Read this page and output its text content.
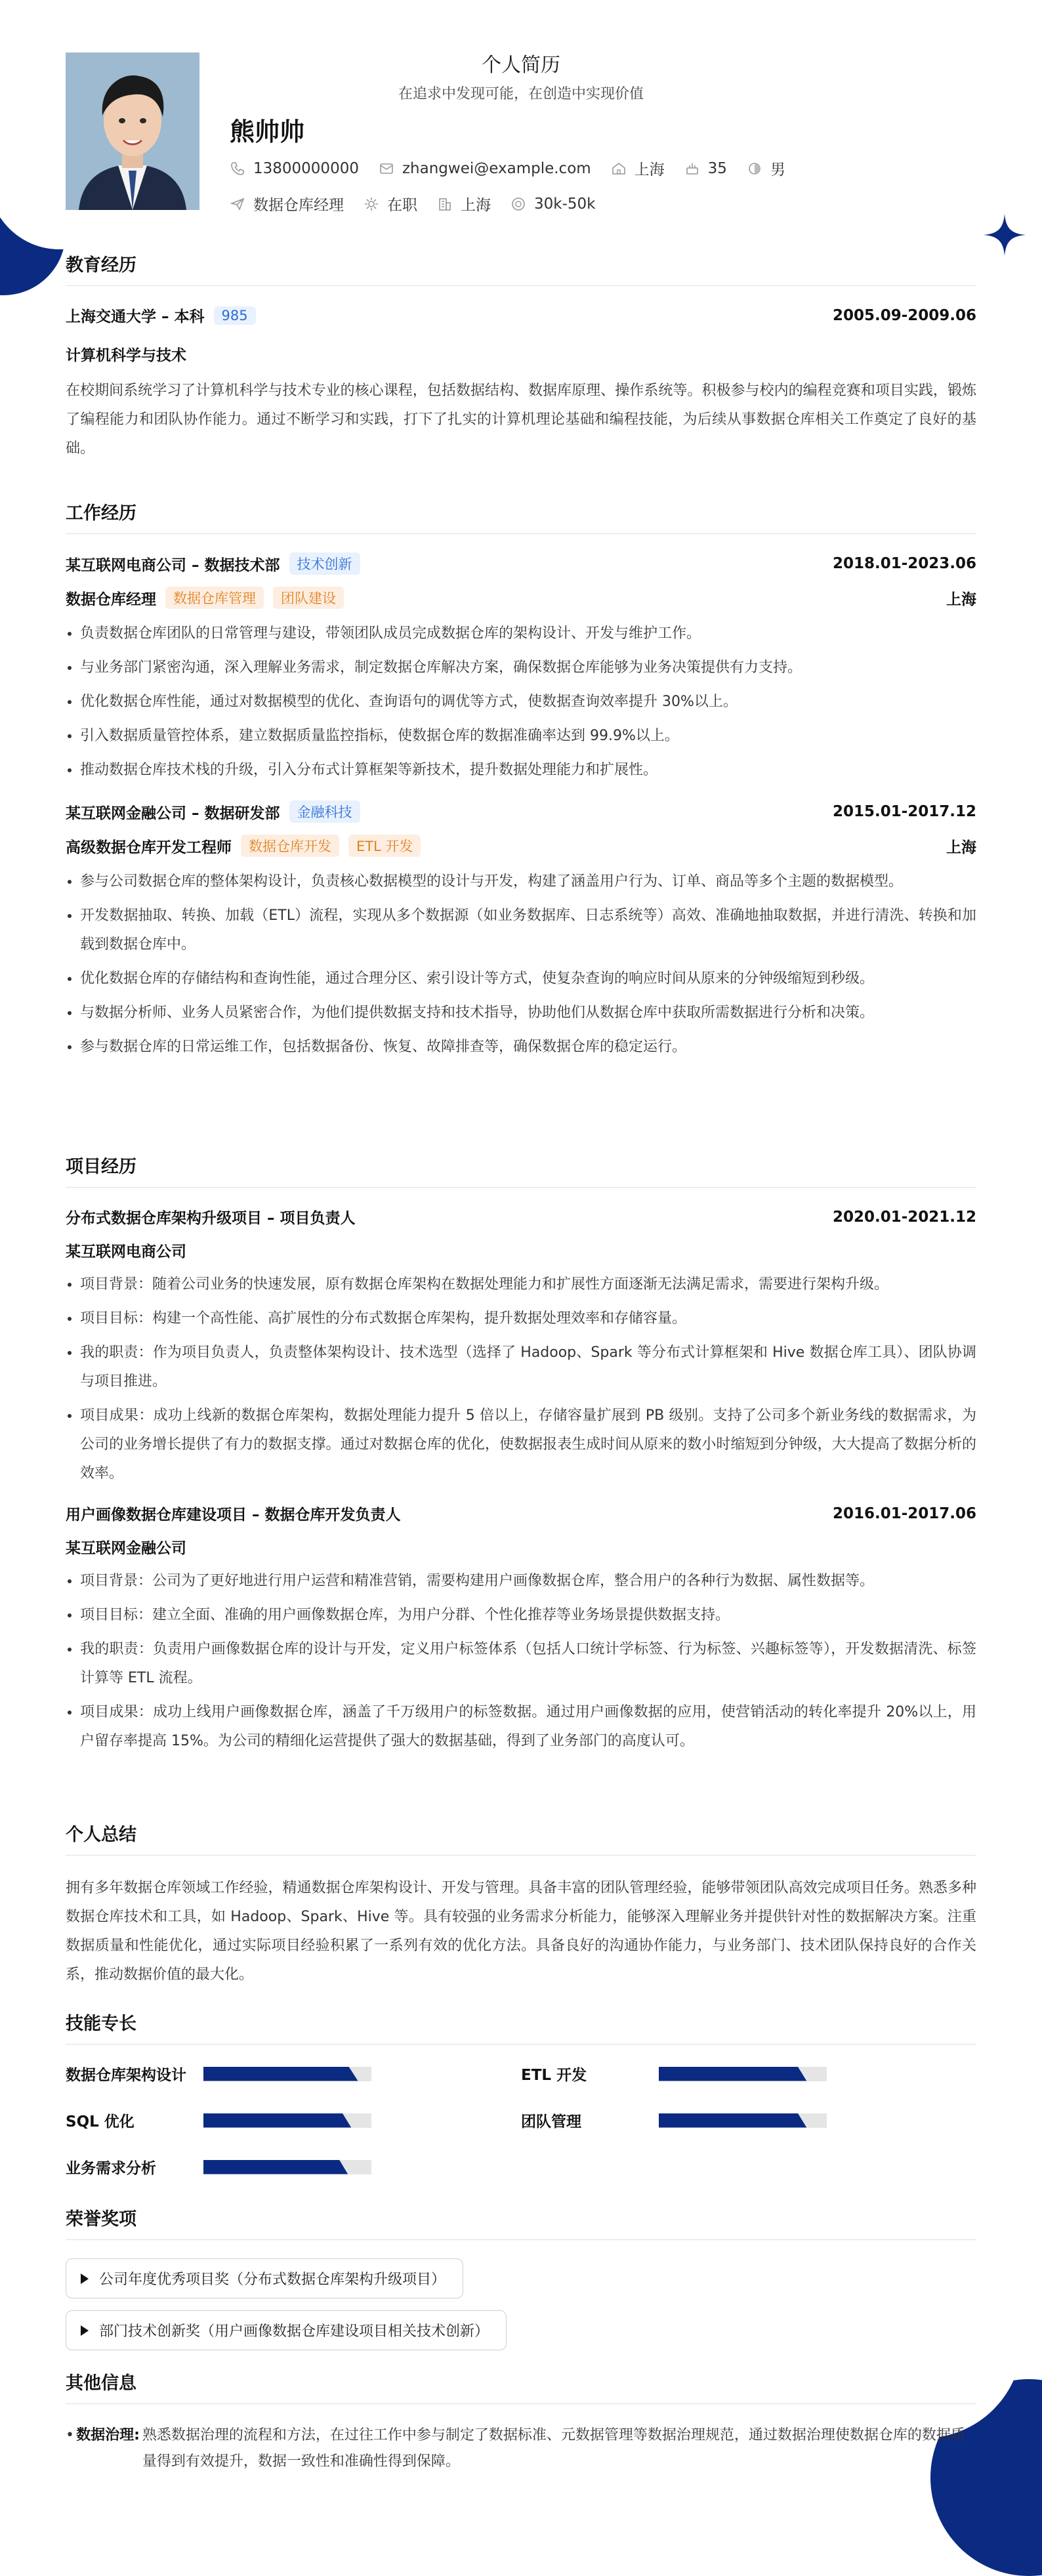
个人简历
在追求中发现可能，在创造中实现价值
熊帅帅
13800000000	zhangwei@example.com	上海	35	男
数据仓库经理	在职	上海	30k-50k
教育经历
上海交通大学 – 本科	985	2005.09-2009.06
计算机科学与技术
在校期间系统学习了计算机科学与技术专业的核心课程，包括数据结构、数据库原理、操作系统等。积极参与校内的编程竞赛和项目实践，锻炼了编程能力和团队协作能力。通过不断学习和实践，打下了扎实的计算机理论基础和编程技能，为后续从事数据仓库相关工作奠定了良好的基础。
工作经历
某互联网电商公司 – 数据技术部	技术创新	2018.01-2023.06
数据仓库经理	数据仓库管理	团队建设	上海
• 负责数据仓库团队的日常管理与建设，带领团队成员完成数据仓库的架构设计、开发与维护工作。
• 与业务部门紧密沟通，深入理解业务需求，制定数据仓库解决方案，确保数据仓库能够为业务决策提供有力支持。
• 优化数据仓库性能，通过对数据模型的优化、查询语句的调优等方式，使数据查询效率提升 30%以上。
• 引入数据质量管控体系，建立数据质量监控指标，使数据仓库的数据准确率达到 99.9%以上。
• 推动数据仓库技术栈的升级，引入分布式计算框架等新技术，提升数据处理能力和扩展性。
某互联网金融公司 – 数据研发部	金融科技	2015.01-2017.12
高级数据仓库开发工程师	数据仓库开发	ETL 开发	上海
• 参与公司数据仓库的整体架构设计，负责核心数据模型的设计与开发，构建了涵盖用户行为、订单、商品等多个主题的数据模型。
• 开发数据抽取、转换、加载（ETL）流程，实现从多个数据源（如业务数据库、日志系统等）高效、准确地抽取数据，并进行清洗、转换和加载到数据仓库中。
• 优化数据仓库的存储结构和查询性能，通过合理分区、索引设计等方式，使复杂查询的响应时间从原来的分钟级缩短到秒级。
• 与数据分析师、业务人员紧密合作，为他们提供数据支持和技术指导，协助他们从数据仓库中获取所需数据进行分析和决策。
• 参与数据仓库的日常运维工作，包括数据备份、恢复、故障排查等，确保数据仓库的稳定运行。
项目经历
分布式数据仓库架构升级项目 – 项目负责人	2020.01-2021.12
某互联网电商公司
• 项目背景：随着公司业务的快速发展，原有数据仓库架构在数据处理能力和扩展性方面逐渐无法满足需求，需要进行架构升级。
• 项目目标：构建一个高性能、高扩展性的分布式数据仓库架构，提升数据处理效率和存储容量。
• 我的职责：作为项目负责人，负责整体架构设计、技术选型（选择了 Hadoop、Spark 等分布式计算框架和 Hive 数据仓库工具）、团队协调与项目推进。
• 项目成果：成功上线新的数据仓库架构，数据处理能力提升 5 倍以上，存储容量扩展到 PB 级别。支持了公司多个新业务线的数据需求，为公司的业务增长提供了有力的数据支撑。通过对数据仓库的优化，使数据报表生成时间从原来的数小时缩短到分钟级，大大提高了数据分析的效率。
用户画像数据仓库建设项目 – 数据仓库开发负责人	2016.01-2017.06
某互联网金融公司
• 项目背景：公司为了更好地进行用户运营和精准营销，需要构建用户画像数据仓库，整合用户的各种行为数据、属性数据等。
• 项目目标：建立全面、准确的用户画像数据仓库，为用户分群、个性化推荐等业务场景提供数据支持。
• 我的职责：负责用户画像数据仓库的设计与开发，定义用户标签体系（包括人口统计学标签、行为标签、兴趣标签等），开发数据清洗、标签计算等 ETL 流程。
• 项目成果：成功上线用户画像数据仓库，涵盖了千万级用户的标签数据。通过用户画像数据的应用，使营销活动的转化率提升 20%以上，用户留存率提高 15%。为公司的精细化运营提供了强大的数据基础，得到了业务部门的高度认可。
个人总结
拥有多年数据仓库领域工作经验，精通数据仓库架构设计、开发与管理。具备丰富的团队管理经验，能够带领团队高效完成项目任务。熟悉多种数据仓库技术和工具，如 Hadoop、Spark、Hive 等。具有较强的业务需求分析能力，能够深入理解业务并提供针对性的数据解决方案。注重数据质量和性能优化，通过实际项目经验积累了一系列有效的优化方法。具备良好的沟通协作能力，与业务部门、技术团队保持良好的合作关系，推动数据价值的最大化。
技能专长
数据仓库架构设计	ETL 开发
SQL 优化	团队管理
业务需求分析
荣誉奖项
公司年度优秀项目奖（分布式数据仓库架构升级项目）
部门技术创新奖（用户画像数据仓库建设项目相关技术创新）
其他信息
• 数据治理: 熟悉数据治理的流程和方法，在过往工作中参与制定了数据标准、元数据管理等数据治理规范，通过数据治理使数据仓库的数据质量得到有效提升，数据一致性和准确性得到保障。
